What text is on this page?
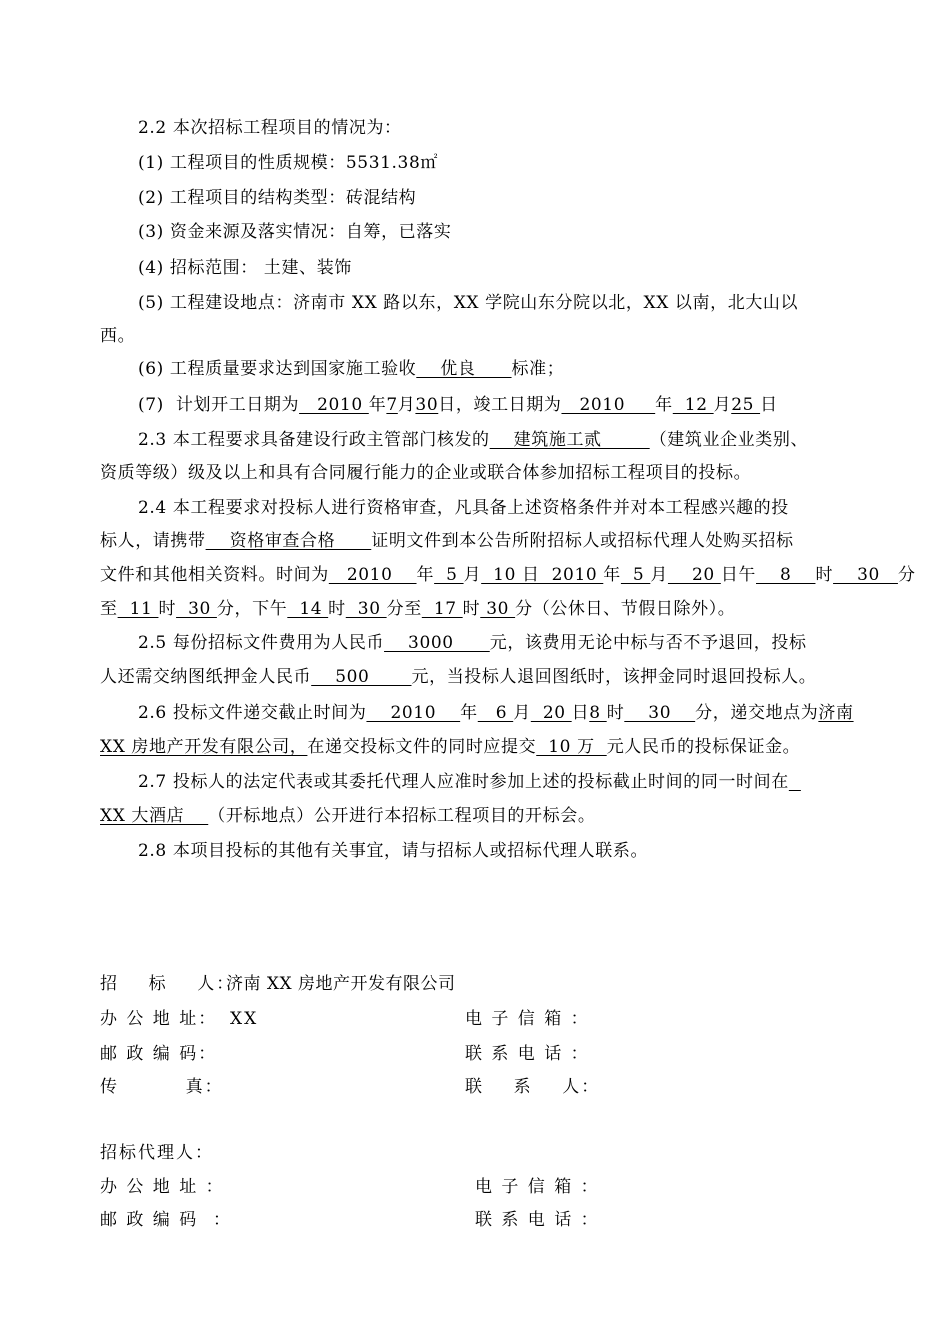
2.2 本次招标工程项目的情况为：
(1) 工程项目的性质规模：5531.38㎡
(2) 工程项目的结构类型：砖混结构
(3) 资金来源及落实情况：自筹，已落实
(4) 招标范围： 土建、装饰
(5) 工程建设地点：济南市 XX 路以东，XX 学院山东分院以北，XX 以南，北大山以
西。
(6) 工程质量要求达到国家施工验收    优良      标准；
(7)  计划开工日期为   2010 年7月30日，竣工日期为   2010     年  12 月25 日
2.3 本工程要求具备建设行政主管部门核发的    建筑施工贰        （建筑业企业类别、
资质等级）级及以上和具有合同履行能力的企业或联合体参加招标工程项目的投标。
2.4 本工程要求对投标人进行资格审查，凡具备上述资格条件并对本工程感兴趣的投
标人，请携带    资格审查合格      证明文件到本公告所附招标人或招标代理人处购买招标
文件和其他相关资料。时间为   2010    年  5 月  10 日  2010 年  5 月    20 日午    8    时    30   分
至  11 时  30 分，下午  14 时  30 分至  17 时 30 分（公休日、节假日除外）。
2.5 每份招标文件费用为人民币    3000      元，该费用无论中标与否不予退回，投标
人还需交纳图纸押金人民币    500       元，当投标人退回图纸时，该押金同时退回投标人。
2.6 投标文件递交截止时间为    2010    年   6 月  20 日8 时    30    分，递交地点为济南
XX 房地产开发有限公司，在递交投标文件的同时应提交  10 万  元人民币的投标保证金。
2.7 投标人的法定代表或其委托代理人应准时参加上述的投标截止时间的同一时间在
XX 大酒店    （开标地点）公开进行本招标工程项目的开标会。
2.8 本项目投标的其他有关事宜，请与招标人或招标代理人联系。
招    标    人：
济南 XX 房地产开发有限公司
办 公 地 址： XX	电 子 信 箱 ：
邮 政 编 码：	联 系 电 话 ：
传         真：	联    系    人：
招标代理人：
办 公 地 址 ：	电 子 信 箱 ：
邮 政 编 码  ：	联 系 电 话 ：
